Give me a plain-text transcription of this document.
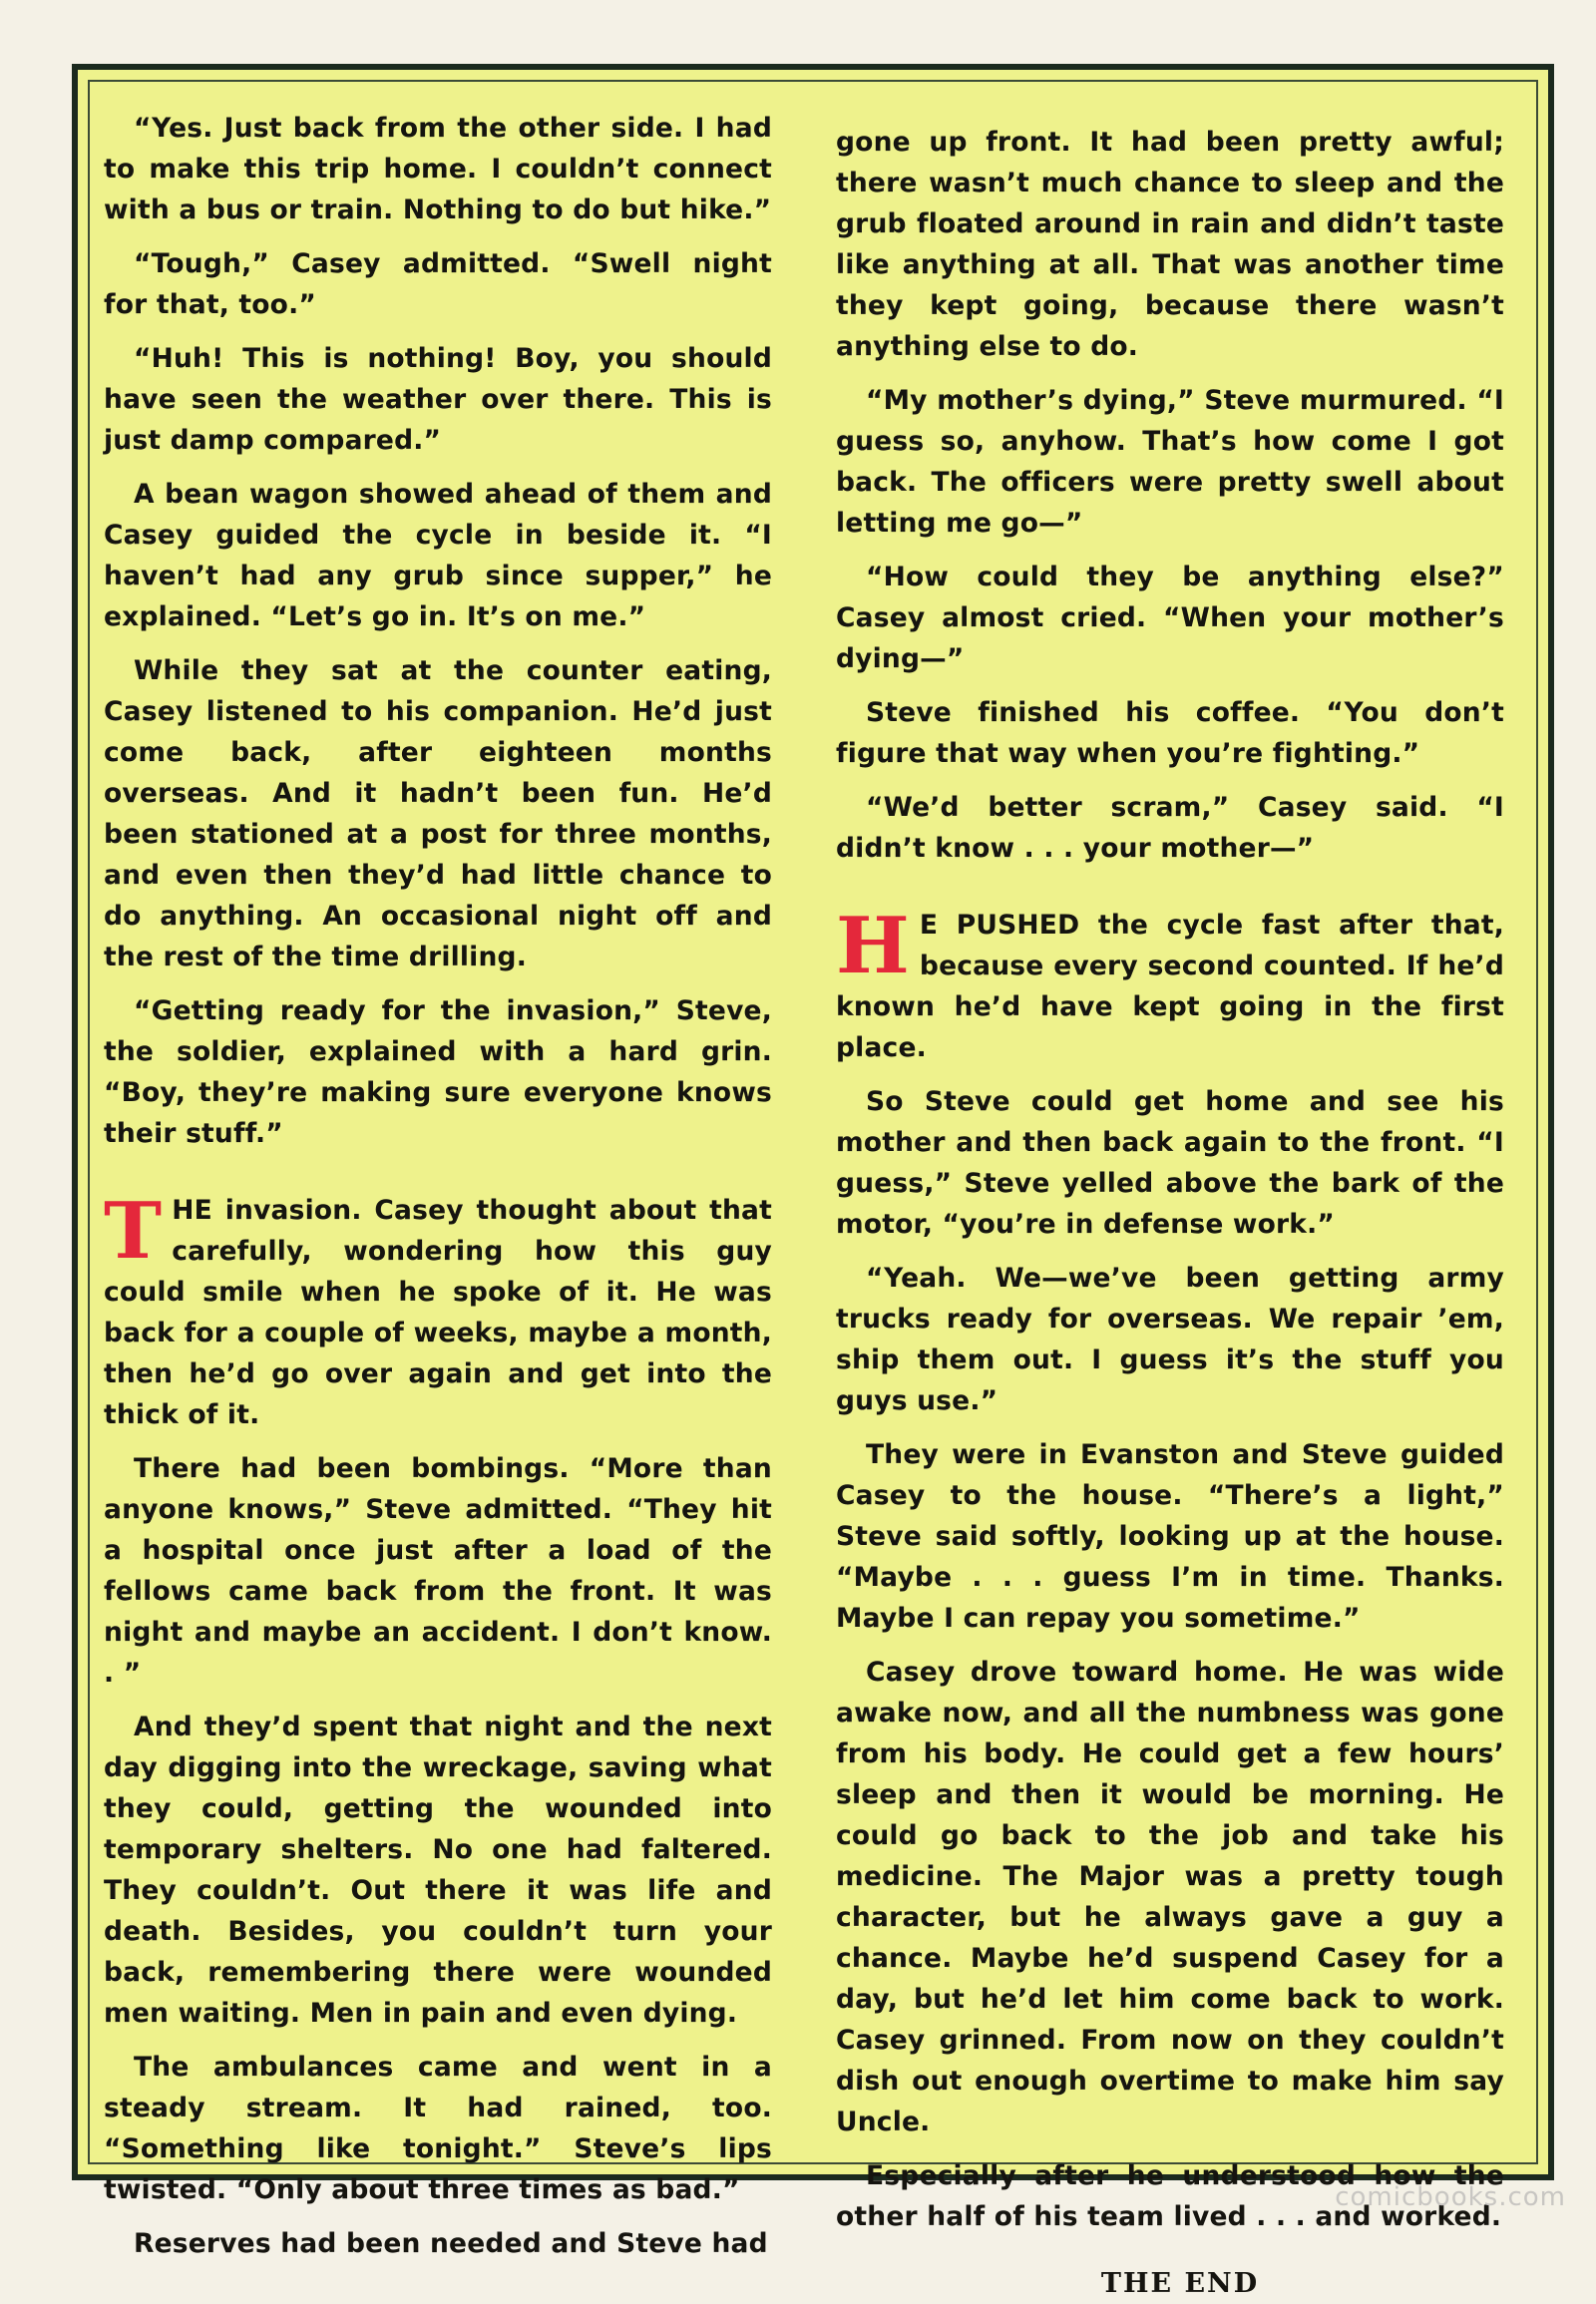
“Yes. Just back from the other side. I had to make this trip home. I couldn’t connect with a bus or train. Nothing to do but hike.”

“Tough,” Casey admitted. “Swell night for that, too.”

“Huh! This is nothing! Boy, you should have seen the weather over there. This is just damp compared.”

A bean wagon showed ahead of them and Casey guided the cycle in beside it. “I haven’t had any grub since supper,” he explained. “Let’s go in. It’s on me.”

While they sat at the counter eating, Casey listened to his companion. He’d just come back, after eighteen months overseas. And it hadn’t been fun. He’d been stationed at a post for three months, and even then they’d had little chance to do anything. An occasional night off and the rest of the time drilling.

“Getting ready for the invasion,” Steve, the soldier, explained with a hard grin. “Boy, they’re making sure everyone knows their stuff.”

THE invasion. Casey thought about that carefully, wondering how this guy could smile when he spoke of it. He was back for a couple of weeks, maybe a month, then he’d go over again and get into the thick of it.

There had been bombings. “More than anyone knows,” Steve admitted. “They hit a hospital once just after a load of the fellows came back from the front. It was night and maybe an accident. I don’t know. . ”

And they’d spent that night and the next day digging into the wreckage, saving what they could, getting the wounded into temporary shelters. No one had faltered. They couldn’t. Out there it was life and death. Besides, you couldn’t turn your back, remembering there were wounded men waiting. Men in pain and even dying.

The ambulances came and went in a steady stream. It had rained, too. “Something like tonight.” Steve’s lips twisted. “Only about three times as bad.”

Reserves had been needed and Steve had

gone up front. It had been pretty awful; there wasn’t much chance to sleep and the grub floated around in rain and didn’t taste like anything at all. That was another time they kept going, because there wasn’t anything else to do.

“My mother’s dying,” Steve murmured. “I guess so, anyhow. That’s how come I got back. The officers were pretty swell about letting me go—”

“How could they be anything else?” Casey almost cried. “When your mother’s dying—”

Steve finished his coffee. “You don’t figure that way when you’re fighting.”

“We’d better scram,” Casey said. “I didn’t know . . . your mother—”

H E PUSHED the cycle fast after that, because every second counted. If he’d known he’d have kept going in the first place.

So Steve could get home and see his mother and then back again to the front. “I guess,” Steve yelled above the bark of the motor, “you’re in defense work.”

“Yeah. We—we’ve been getting army trucks ready for overseas. We repair ’em, ship them out. I guess it’s the stuff you guys use.”

They were in Evanston and Steve guided Casey to the house. “There’s a light,” Steve said softly, looking up at the house. “Maybe . . . guess I’m in time. Thanks. Maybe I can repay you sometime.”

Casey drove toward home. He was wide awake now, and all the numbness was gone from his body. He could get a few hours’ sleep and then it would be morning. He could go back to the job and take his medicine. The Major was a pretty tough character, but he always gave a guy a chance. Maybe he’d suspend Casey for a day, but he’d let him come back to work. Casey grinned. From now on they couldn’t dish out enough overtime to make him say Uncle.

Especially after he understood how the other half of his team lived . . . and worked.

THE END
comicbooks.com
